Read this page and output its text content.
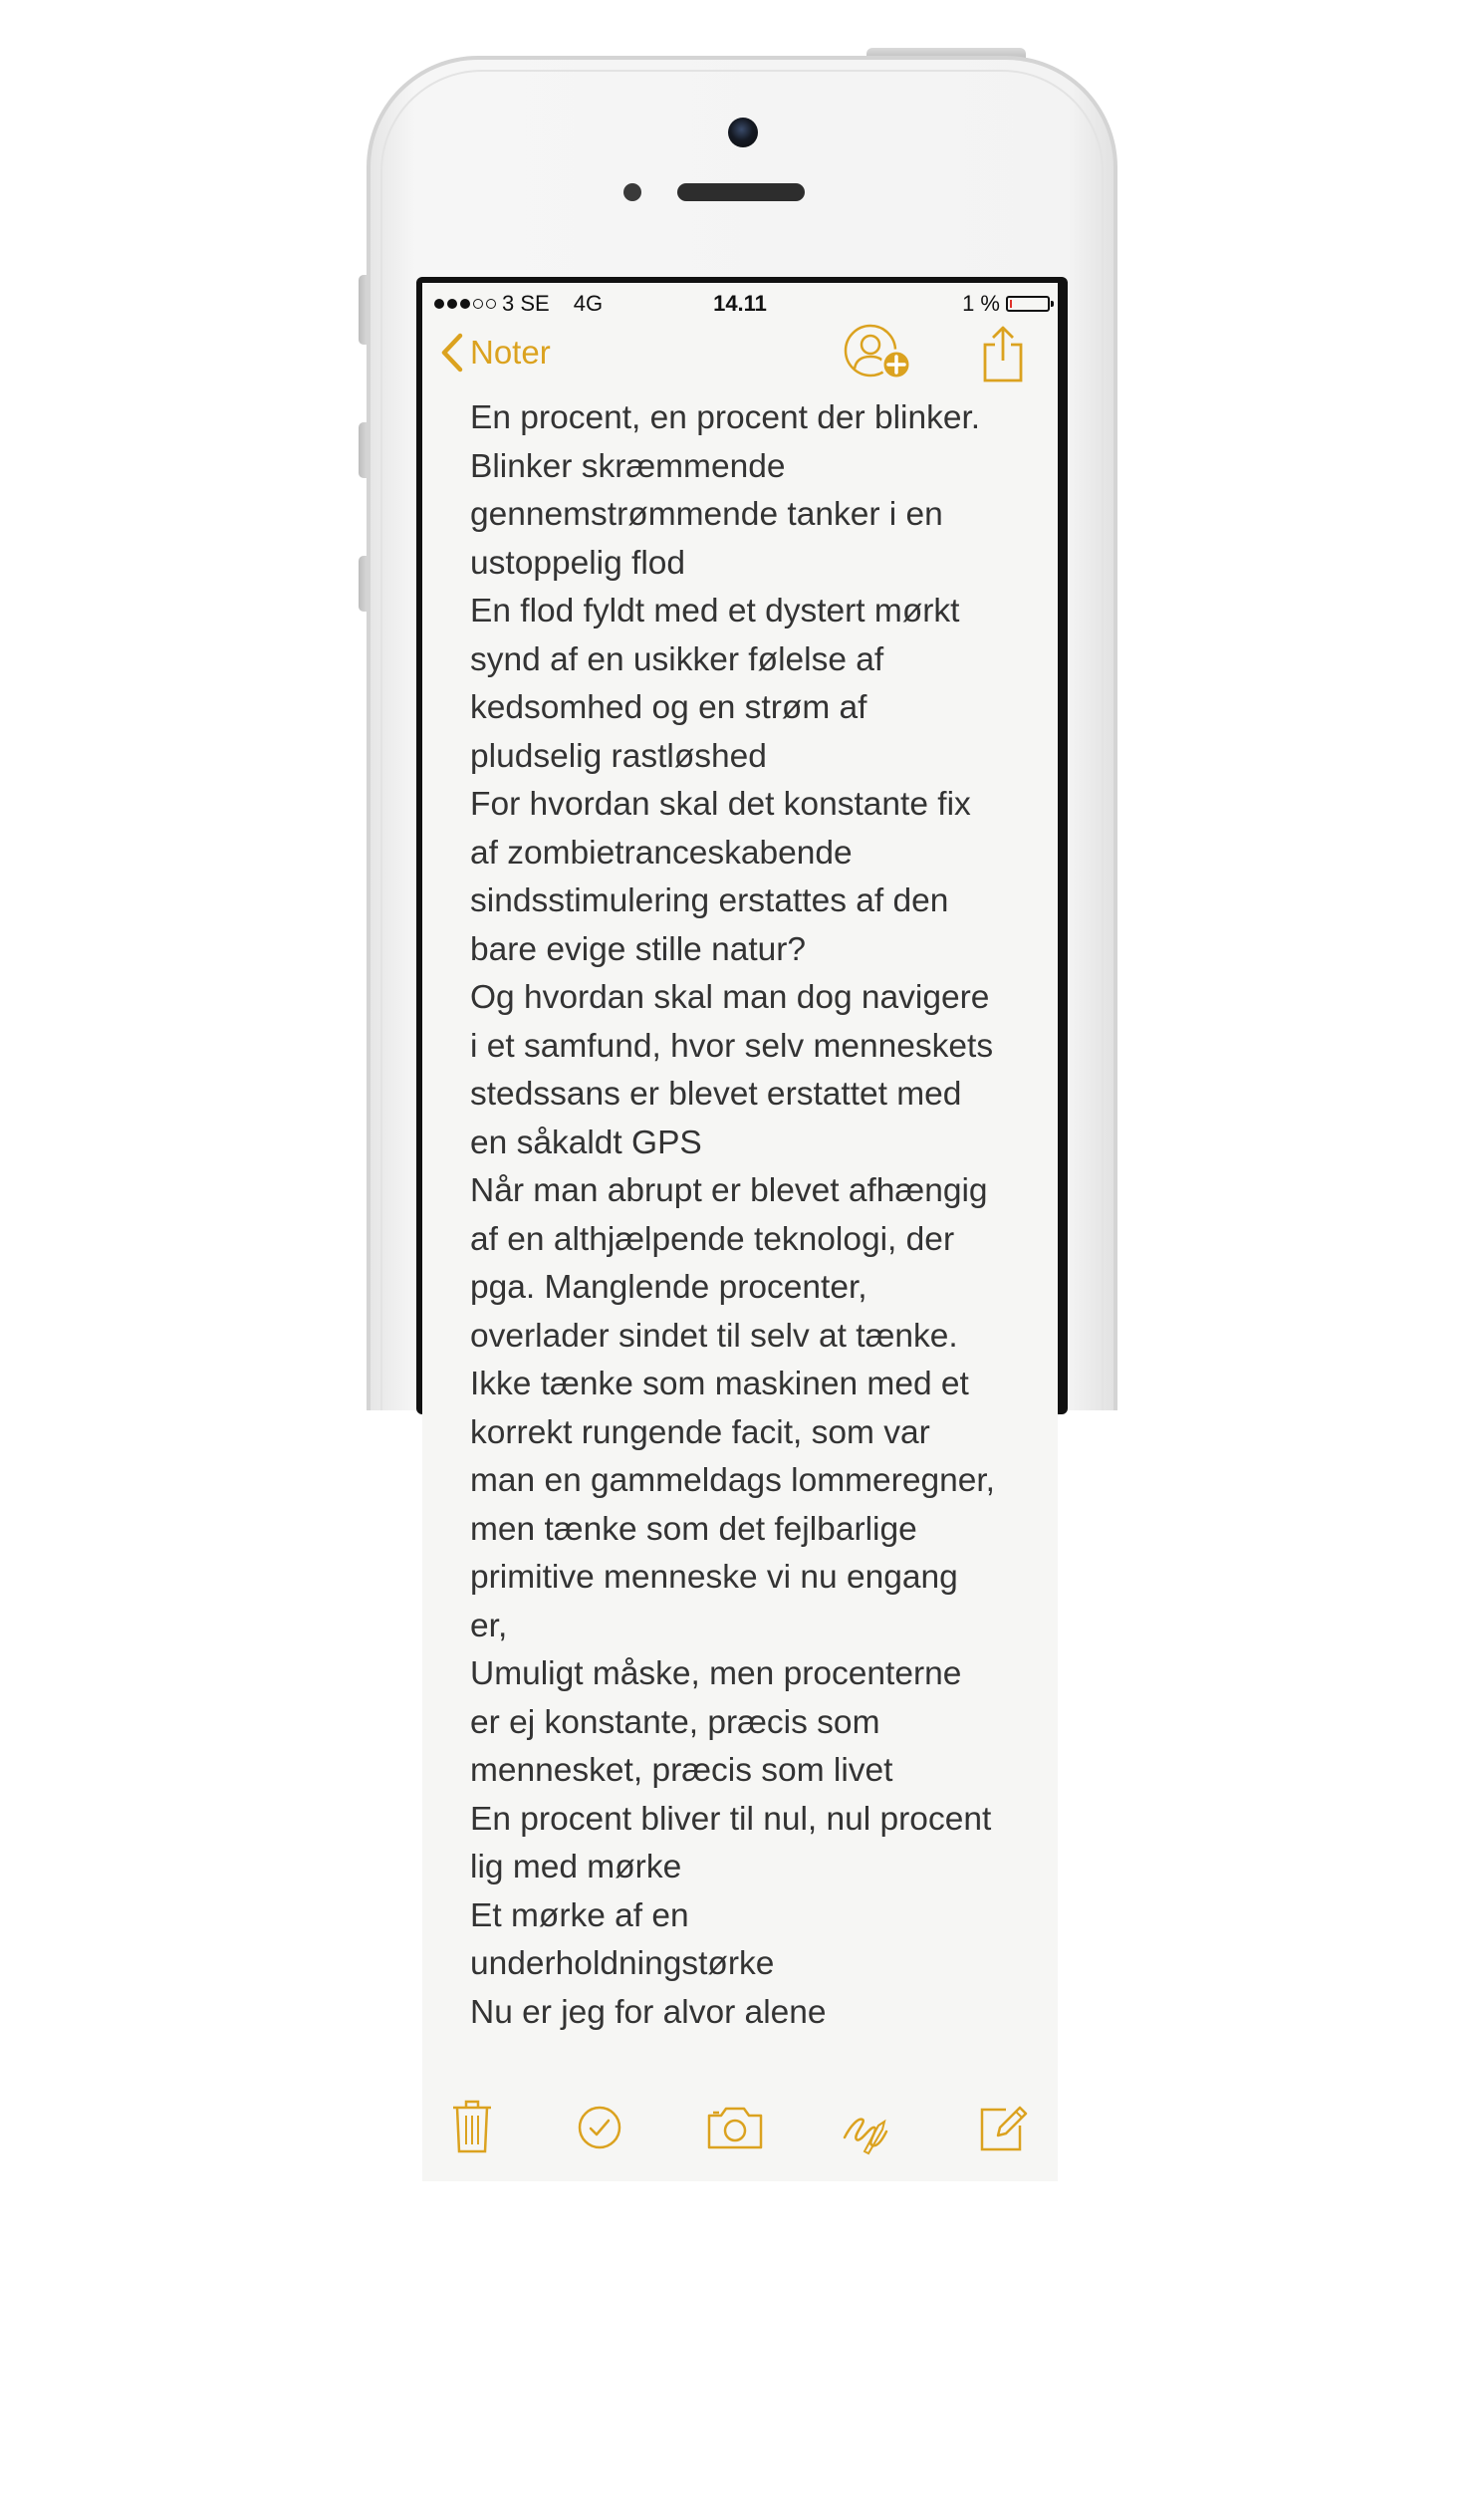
3 SE 4G	14.11	1 %
Noter

En procent, en procent der blinker.

Blinker skræmmende

gennemstrømmende tanker i en

ustoppelig flod

En flod fyldt med et dystert mørkt

synd af en usikker følelse af

kedsomhed og en strøm af

pludselig rastløshed

For hvordan skal det konstante fix

af zombietranceskabende

sindsstimulering erstattes af den

bare evige stille natur?

Og hvordan skal man dog navigere

i et samfund, hvor selv menneskets

stedssans er blevet erstattet med

en såkaldt GPS

Når man abrupt er blevet afhængig

af en althjælpende teknologi, der

pga. Manglende procenter,

overlader sindet til selv at tænke.

Ikke tænke som maskinen med et

korrekt rungende facit, som var

man en gammeldags lommeregner,

men tænke som det fejlbarlige

primitive menneske vi nu engang

er,

Umuligt måske, men procenterne

er ej konstante, præcis som

mennesket, præcis som livet

En procent bliver til nul, nul procent

lig med mørke

Et mørke af en

underholdningstørke

Nu er jeg for alvor alene
